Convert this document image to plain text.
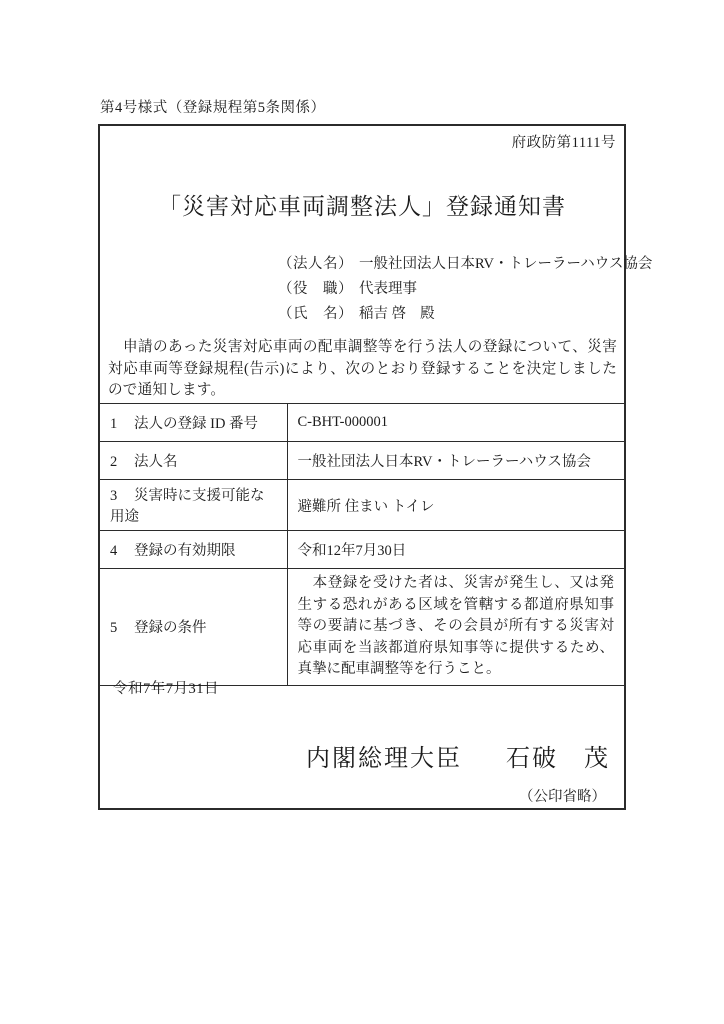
第4号様式（登録規程第5条関係）
府政防第1111号
「災害対応車両調整法人」登録通知書
（法人名） 一般社団法人日本RV・トレーラーハウス協会
（役　職） 代表理事
（氏　名） 稲吉 啓 殿
　申請のあった災害対応車両の配車調整等を行う法人の登録について、災害対応車両等登録規程(告示)により、次のとおり登録することを決定しましたので通知します。
1 法人の登録 ID 番号	C-BHT-000001
2 法人名	一般社団法人日本RV・トレーラーハウス協会
3 災害時に支援可能な用途	避難所 住まい トイレ
4 登録の有効期限	令和12年7月30日
5 登録の条件	　本登録を受けた者は、災害が発生し、又は発生する恐れがある区域を管轄する都道府県知事等の要請に基づき、その会員が所有する災害対応車両を当該都道府県知事等に提供するため、真摯に配車調整等を行うこと。
令和7年7月31日
内閣総理大臣 石破　茂
（公印省略）
